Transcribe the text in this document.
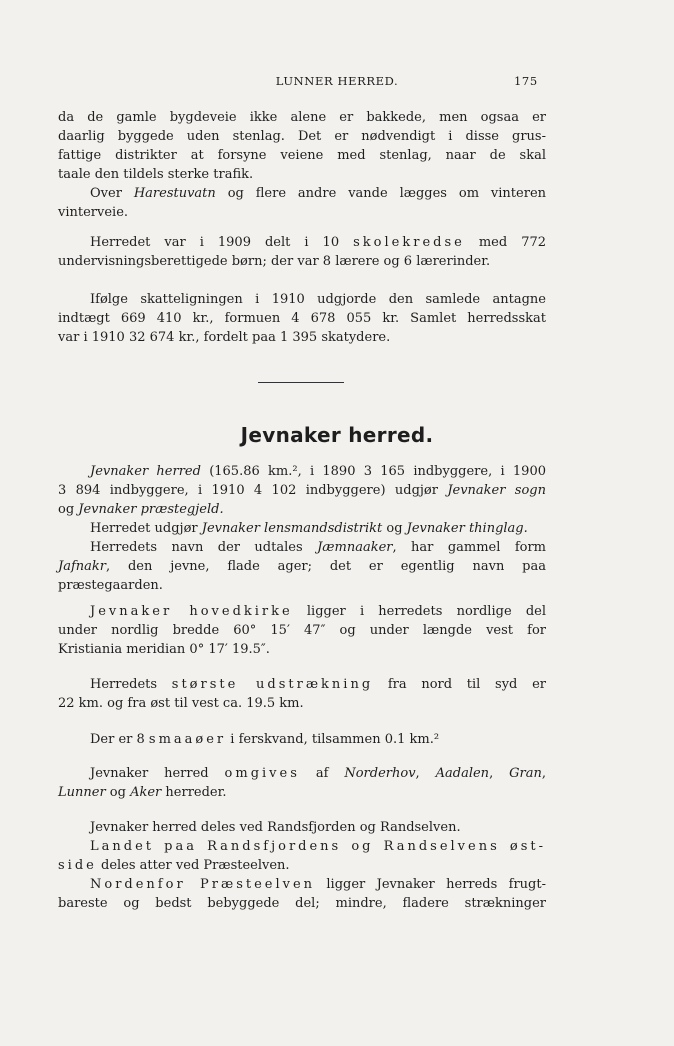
LUNNER HERRED.	175

da de gamle bygdeveie ikke alene er bakkede, men ogsaa er

daarlig byggede uden stenlag. Det er nødvendigt i disse grus-

fattige distrikter at forsyne veiene med stenlag, naar de skal

taale den tildels sterke trafik.

Over Harestuvatn og flere andre vande lægges om vinteren

vinterveie.

Herredet var i 1909 delt i 10 skolekredse med 772

undervisningsberettigede børn; der var 8 lærere og 6 lærerinder.

Ifølge skatteligningen i 1910 udgjorde den samlede antagne

indtægt 669 410 kr., formuen 4 678 055 kr. Samlet herredsskat

var i 1910 32 674 kr., fordelt paa 1 395 skatydere.

Jevnaker herred.

Jevnaker herred (165.86 km.², i 1890 3 165 indbyggere, i 1900

3 894 indbyggere, i 1910 4 102 indbyggere) udgjør Jevnaker sogn

og Jevnaker præstegjeld.

Herredet udgjør Jevnaker lensmandsdistrikt og Jevnaker thinglag.

Herredets navn der udtales Jæmnaaker, har gammel form

Jafnakr, den jevne, flade ager; det er egentlig navn paa

præstegaarden.

Jevnaker hovedkirke ligger i herredets nordlige del

under nordlig bredde 60° 15′ 47″ og under længde vest for

Kristiania meridian 0° 17′ 19.5″.

Herredets største udstrækning fra nord til syd er

22 km. og fra øst til vest ca. 19.5 km.

Der er 8 smaaøer i ferskvand, tilsammen 0.1 km.²

Jevnaker herred omgives af Norderhov, Aadalen, Gran,

Lunner og Aker herreder.

Jevnaker herred deles ved Randsfjorden og Randselven.

Landet paa Randsfjordens og Randselvens øst-

side deles atter ved Præsteelven.

Nordenfor Præsteelven ligger Jevnaker herreds frugt-

bareste og bedst bebyggede del; mindre, fladere strækninger
